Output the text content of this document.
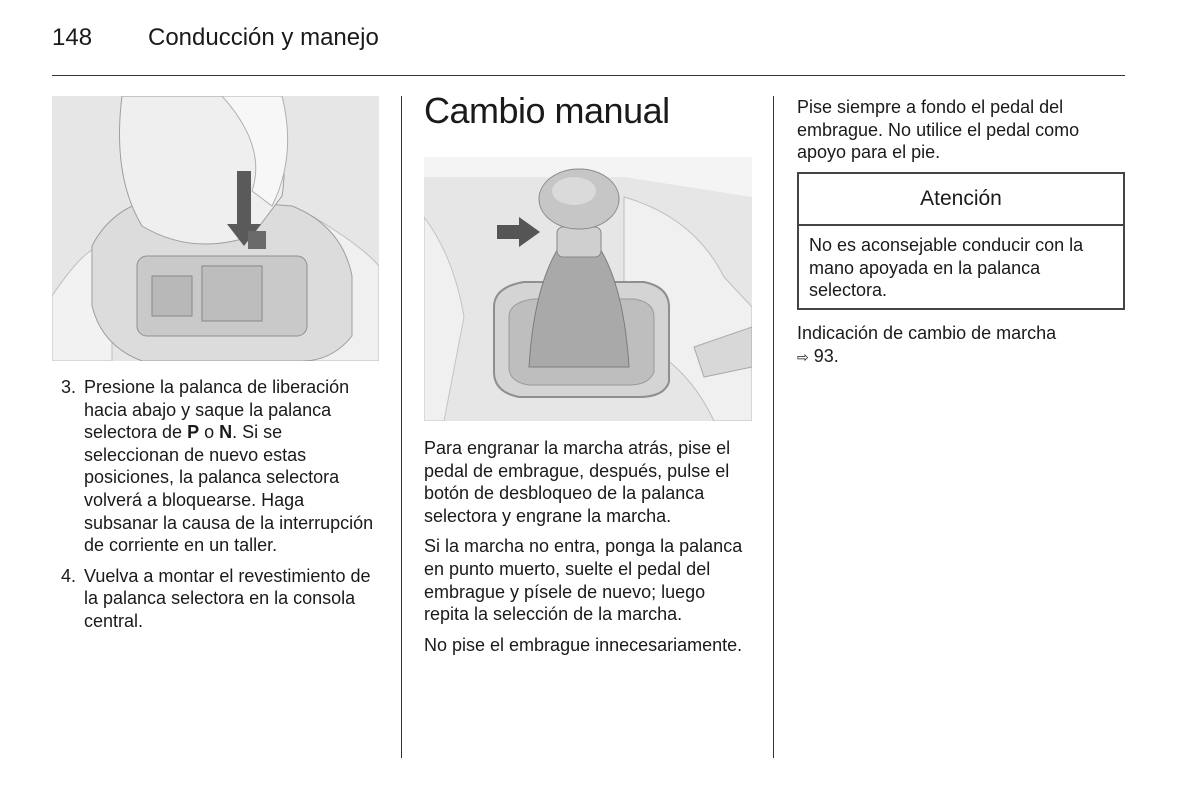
148 Conducción y manejo
3. Presione la palanca de liberación hacia abajo y saque la palanca selectora de P o N. Si se seleccionan de nuevo estas posiciones, la palanca selectora volverá a bloquearse. Haga subsanar la causa de la interrupción de corriente en un taller.
4. Vuelva a montar el revestimiento de la palanca selectora en la consola central.
Cambio manual

Para engranar la marcha atrás, pise el pedal de embrague, después, pulse el botón de desbloqueo de la palanca selectora y engrane la marcha.

Si la marcha no entra, ponga la palanca en punto muerto, suelte el pedal del embrague y písele de nuevo; luego repita la selección de la marcha.

No pise el embrague innecesariamente.

Pise siempre a fondo el pedal del embrague. No utilice el pedal como apoyo para el pie.

Atención
No es aconsejable conducir con la mano apoyada en la palanca selectora.
Indicación de cambio de marcha
⇨ 93.
